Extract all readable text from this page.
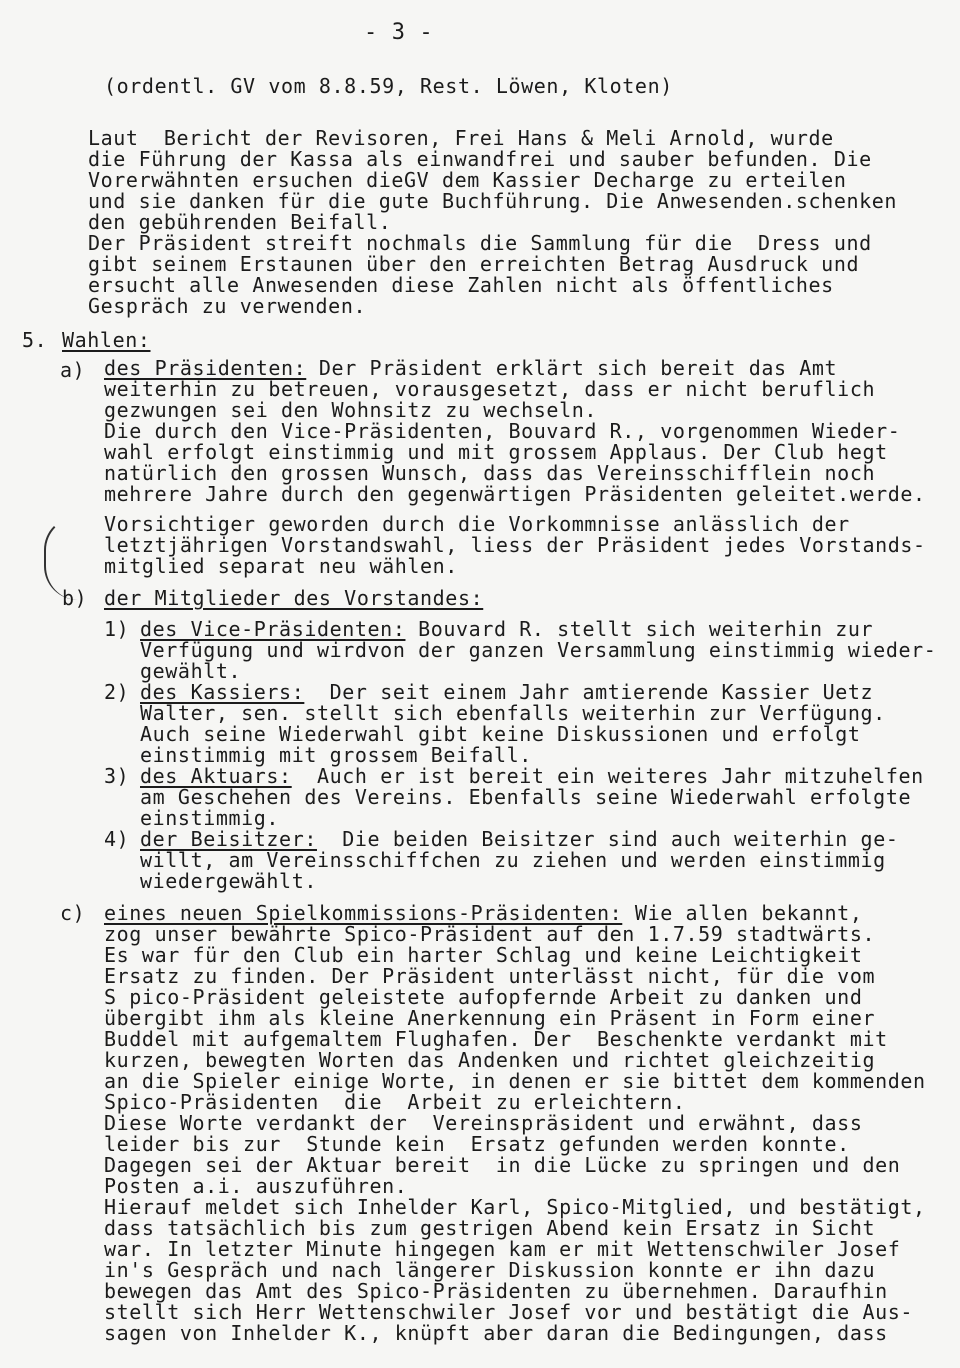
- 3 -
(ordentl. GV vom 8.8.59, Rest. Löwen, Kloten)
Laut  Bericht der Revisoren, Frei Hans & Meli Arnold, wurde
die Führung der Kassa als einwandfrei und sauber befunden. Die
Vorerwähnten ersuchen dieGV dem Kassier Decharge zu erteilen
und sie danken für die gute Buchführung. Die Anwesenden.schenken
den gebührenden Beifall.
Der Präsident streift nochmals die Sammlung für die  Dress und
gibt seinem Erstaunen über den erreichten Betrag Ausdruck und
ersucht alle Anwesenden diese Zahlen nicht als öffentliches
Gespräch zu verwenden.
5. Wahlen:
a) des Präsidenten: Der Präsident erklärt sich bereit das Amt
weiterhin zu betreuen, vorausgesetzt, dass er nicht beruflich
gezwungen sei den Wohnsitz zu wechseln.
Die durch den Vice-Präsidenten, Bouvard R., vorgenommen Wieder-
wahl erfolgt einstimmig und mit grossem Applaus. Der Club hegt
natürlich den grossen Wunsch, dass das Vereinsschifflein noch
mehrere Jahre durch den gegenwärtigen Präsidenten geleitet.werde.
Vorsichtiger geworden durch die Vorkommnisse anlässlich der
letztjährigen Vorstandswahl, liess der Präsident jedes Vorstands-
mitglied separat neu wählen.
b) der Mitglieder des Vorstandes:
1) des Vice-Präsidenten: Bouvard R. stellt sich weiterhin zur
Verfügung und wirdvon der ganzen Versammlung einstimmig wieder-
gewählt.
2) des Kassiers:  Der seit einem Jahr amtierende Kassier Uetz
Walter, sen. stellt sich ebenfalls weiterhin zur Verfügung.
Auch seine Wiederwahl gibt keine Diskussionen und erfolgt
einstimmig mit grossem Beifall.
3) des Aktuars:  Auch er ist bereit ein weiteres Jahr mitzuhelfen
am Geschehen des Vereins. Ebenfalls seine Wiederwahl erfolgte
einstimmig.
4) der Beisitzer:  Die beiden Beisitzer sind auch weiterhin ge-
willt, am Vereinsschiffchen zu ziehen und werden einstimmig
wiedergewählt.
c) eines neuen Spielkommissions-Präsidenten: Wie allen bekannt,
zog unser bewährte Spico-Präsident auf den 1.7.59 stadtwärts.
Es war für den Club ein harter Schlag und keine Leichtigkeit
Ersatz zu finden. Der Präsident unterlässt nicht, für die vom
S pico-Präsident geleistete aufopfernde Arbeit zu danken und
übergibt ihm als kleine Anerkennung ein Präsent in Form einer
Buddel mit aufgemaltem Flughafen. Der  Beschenkte verdankt mit
kurzen, bewegten Worten das Andenken und richtet gleichzeitig
an die Spieler einige Worte, in denen er sie bittet dem kommenden
Spico-Präsidenten  die  Arbeit zu erleichtern.
Diese Worte verdankt der  Vereinspräsident und erwähnt, dass
leider bis zur  Stunde kein  Ersatz gefunden werden konnte.
Dagegen sei der Aktuar bereit  in die Lücke zu springen und den
Posten a.i. auszuführen.
Hierauf meldet sich Inhelder Karl, Spico-Mitglied, und bestätigt,
dass tatsächlich bis zum gestrigen Abend kein Ersatz in Sicht
war. In letzter Minute hingegen kam er mit Wettenschwiler Josef
in's Gespräch und nach längerer Diskussion konnte er ihn dazu
bewegen das Amt des Spico-Präsidenten zu übernehmen. Daraufhin
stellt sich Herr Wettenschwiler Josef vor und bestätigt die Aus-
sagen von Inhelder K., knüpft aber daran die Bedingungen, dass
